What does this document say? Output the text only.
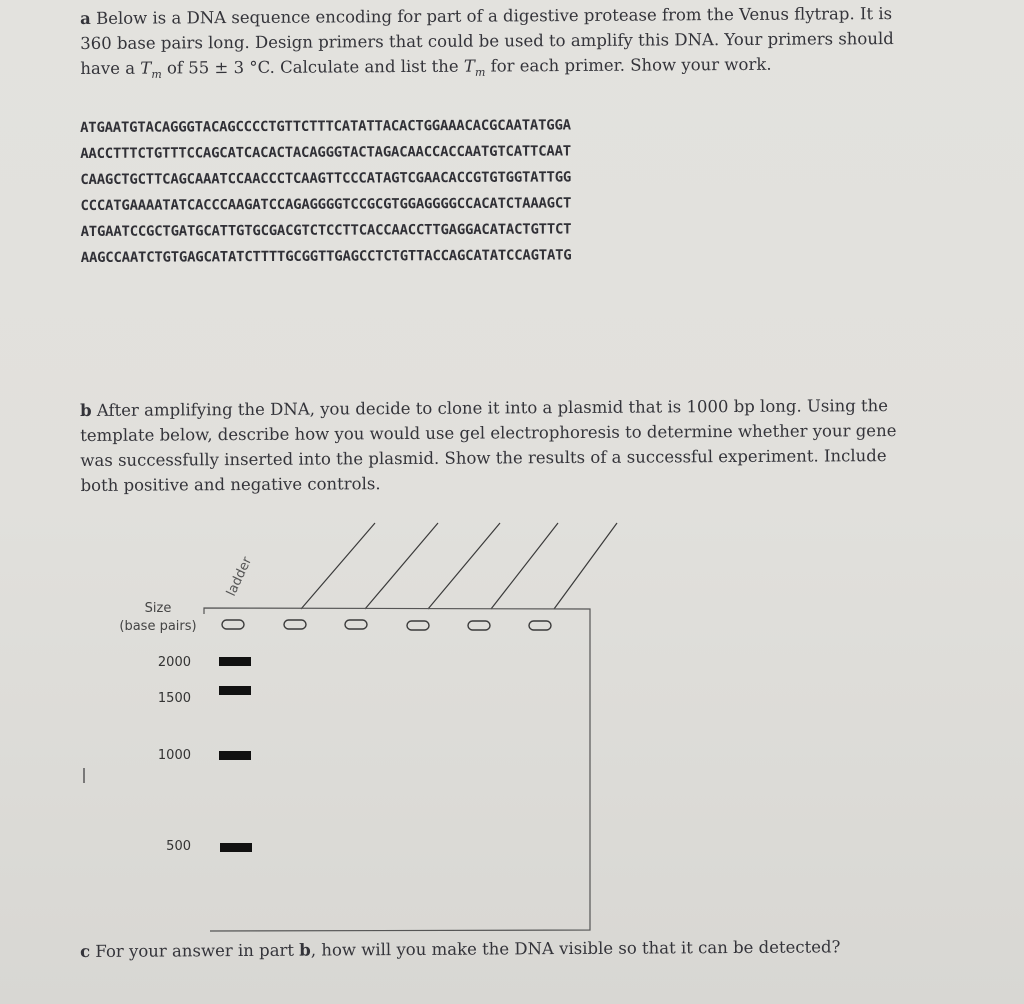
a Below is a DNA sequence encoding for part of a digestive protease from the Venus flytrap. It is
360 base pairs long. Design primers that could be used to amplify this DNA. Your primers should
have a $T_m$ of 55 ± 3 °C. Calculate and list the $T_m$ for each primer. Show your work.
ATGAATGTACAGGGTACAGCCCCTGTTCTTTCATATTACACTGGAAACACGCAATATGGA
AACCTTTCTGTTTCCAGCATCACACTACAGGGTACTAGACAACCACCAATGTCATTCAAT
CAAGCTGCTTCAGCAAATCCAACCCTCAAGTTCCCATAGTCGAACACCGTGTGGTATTGG
CCCATGAAAATATCACCCAAGATCCAGAGGGGTCCGCGTGGAGGGGCCACATCTAAAGCT
ATGAATCCGCTGATGCATTGTGCGACGTCTCCTTCACCAACCTTGAGGACATACTGTTCT
AAGCCAATCTGTGAGCATATCTTTTGCGGTTGAGCCTCTGTTACCAGCATATCCAGTATG
b After amplifying the DNA, you decide to clone it into a plasmid that is 1000 bp long. Using the
template below, describe how you would use gel electrophoresis to determine whether your gene
was successfully inserted into the plasmid. Show the results of a successful experiment. Include
both positive and negative controls.
Size
(base pairs)
ladder
2000
1500
1000
500
c For your answer in part b, how will you make the DNA visible so that it can be detected?
